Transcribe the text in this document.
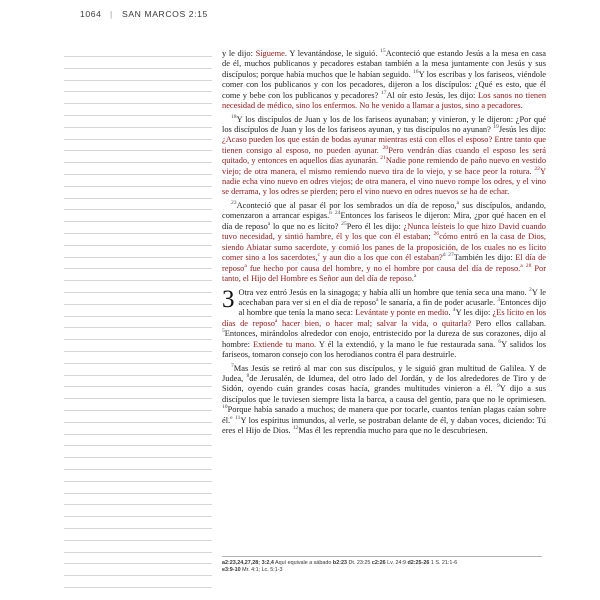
1064 | SAN MARCOS 2:15

y le dijo: Sígueme. Y levantándose, le siguió. $^{15}$Aconteció que estando Jesús a la mesa en casa de él, muchos publicanos y pecadores estaban también a la mesa juntamente con Jesús y sus discípulos; porque había muchos que le habían seguido. $^{16}$Y los escribas y los fariseos, viéndole comer con los publicanos y con los pecadores, dijeron a los discípulos: ¿Qué es esto, que él come y bebe con los publicanos y pecadores? $^{17}$Al oír esto Jesús, les dijo: Los sanos no tienen necesidad de médico, sino los enfermos. No he venido a llamar a justos, sino a pecadores.

$^{18}$Y los discípulos de Juan y los de los fariseos ayunaban; y vinieron, y le dijeron: ¿Por qué los discípulos de Juan y los de los fariseos ayunan, y tus discípulos no ayunan? $^{19}$Jesús les dijo: ¿Acaso pueden los que están de bodas ayunar mientras está con ellos el esposo? Entre tanto que tienen consigo al esposo, no pueden ayunar. $^{20}$Pero vendrán días cuando el esposo les será quitado, y entonces en aquellos días ayunarán. $^{21}$Nadie pone remiendo de paño nuevo en vestido viejo; de otra manera, el mismo remiendo nuevo tira de lo viejo, y se hace peor la rotura. $^{22}$Y nadie echa vino nuevo en odres viejos; de otra manera, el vino nuevo rompe los odres, y el vino se derrama, y los odres se pierden; pero el vino nuevo en odres nuevos se ha de echar.

$^{23}$Aconteció que al pasar él por los sembrados un día de reposo,$^a$ sus discípulos, andando, comenzaron a arrancar espigas.$^b$ $^{24}$Entonces los fariseos le dijeron: Mira, ¿por qué hacen en el día de reposo$^a$ lo que no es lícito? $^{25}$Pero él les dijo: ¿Nunca leísteis lo que hizo David cuando tuvo necesidad, y sintió hambre, él y los que con él estaban; $^{26}$cómo entró en la casa de Dios, siendo Abiatar sumo sacerdote, y comió los panes de la proposición, de los cuales no es lícito comer sino a los sacerdotes,$^c$ y aun dio a los que con él estaban?$^d$ $^{27}$También les dijo: El día de reposo$^a$ fue hecho por causa del hombre, y no el hombre por causa del día de reposo.$^a$ $^{28}$ Por tanto, el Hijo del Hombre es Señor aun del día de reposo.$^a$

3 Otra vez entró Jesús en la sinagoga; y había allí un hombre que tenía seca una mano. $^2$Y le acechaban para ver si en el día de reposo$^a$ le sanaría, a fin de poder acusarle. $^3$Entonces dijo al hombre que tenía la mano seca: Levántate y ponte en medio. $^4$Y les dijo: ¿Es lícito en los días de reposo$^a$ hacer bien, o hacer mal; salvar la vida, o quitarla? Pero ellos callaban. $^5$Entonces, mirándolos alrededor con enojo, entristecido por la dureza de sus corazones, dijo al hombre: Extiende tu mano. Y él la extendió, y la mano le fue restaurada sana. $^6$Y salidos los fariseos, tomaron consejo con los herodianos contra él para destruirle.

$^7$Mas Jesús se retiró al mar con sus discípulos, y le siguió gran multitud de Galilea. Y de Judea, $^8$de Jerusalén, de Idumea, del otro lado del Jordán, y de los alrededores de Tiro y de Sidón, oyendo cuán grandes cosas hacía, grandes multitudes vinieron a él. $^9$Y dijo a sus discípulos que le tuviesen siempre lista la barca, a causa del gentío, para que no le oprimiesen. $^{10}$Porque había sanado a muchos; de manera que por tocarle, cuantos tenían plagas caían sobre él.$^e$ $^{11}$Y los espíritus inmundos, al verle, se postraban delante de él, y daban voces, diciendo: Tú eres el Hijo de Dios. $^{12}$Mas él les reprendía mucho para que no le descubriesen.

a2:23,24,27,28; 3:2,4 Aquí equivale a sábado b2:23 Dt. 23:25 c2:26 Lv. 24:9 d2:25-26 1 S. 21:1-6
e3:9-10 Mr. 4:1; Lc. 5:1-3
